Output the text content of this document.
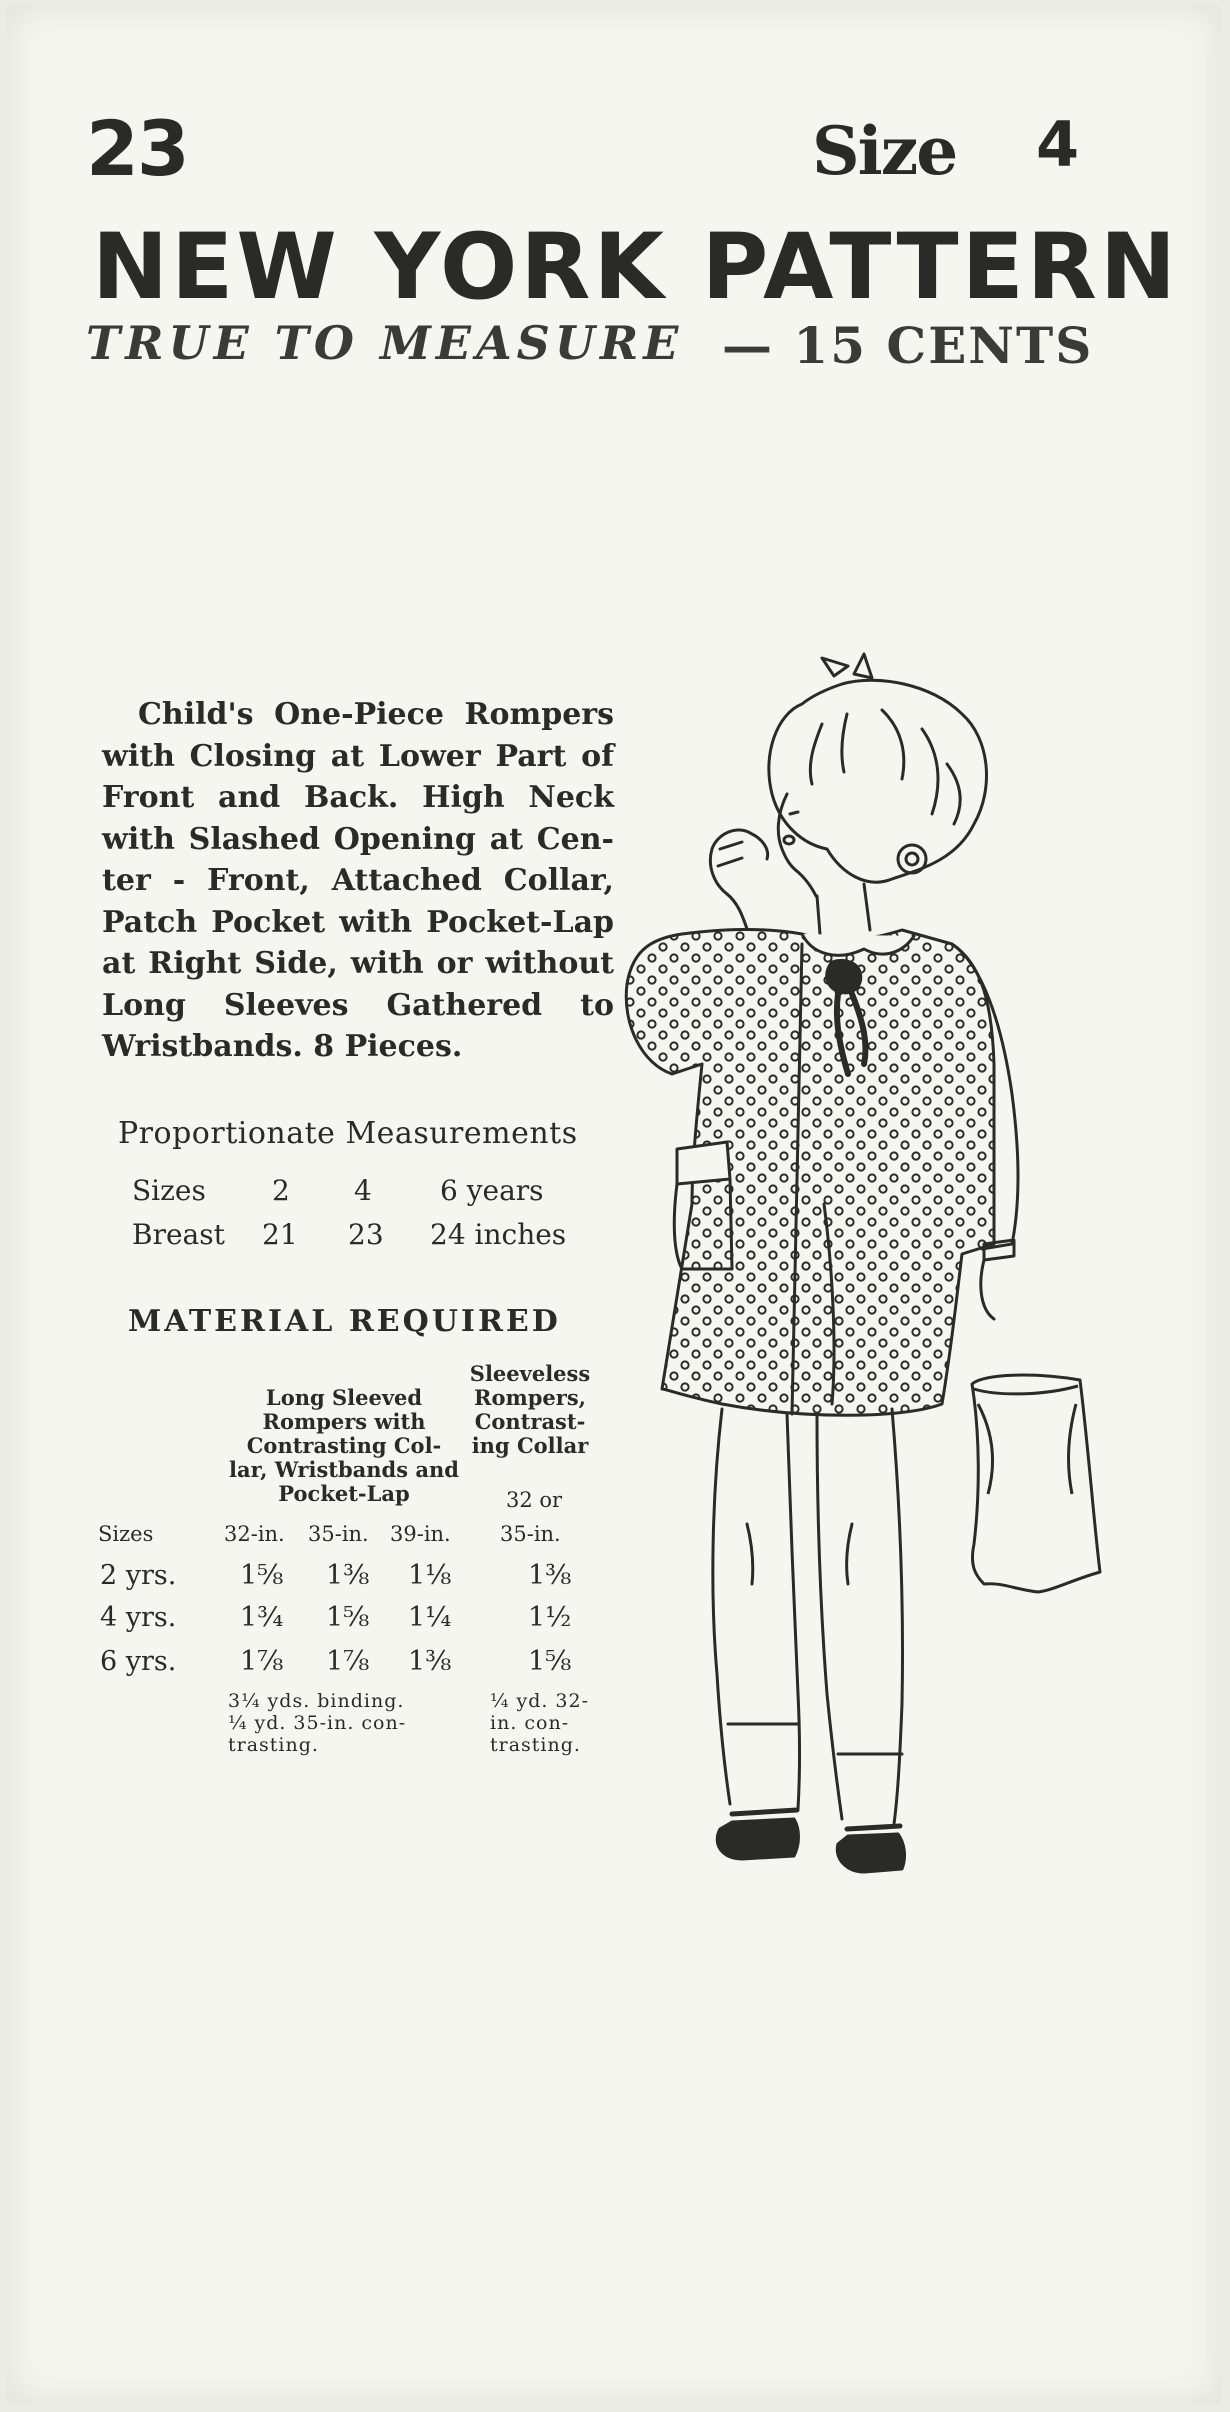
23	Size 4
NEW YORK PATTERN
TRUE TO MEASURE — 15 CENTS
Child's One-Piece Rompers
with Closing at Lower Part of
Front and Back. High Neck
with Slashed Opening at Cen-
ter - Front, Attached Collar,
Patch Pocket with Pocket-Lap
at Right Side, with or without
Long Sleeves Gathered to
Wristbands. 8 Pieces.
Proportionate Measurements
Sizes 2 4 6 years
Breast 21 23 24 inches
MATERIAL REQUIRED
Long Sleeved Rompers with Contrasting Col- lar, Wristbands and Pocket-Lap
Sleeveless Rompers, Contrast- ing Collar
32 or
Sizes	32-in. 35-in. 39-in. 35-in.
2 yrs. 1⅝ 1⅜ 1⅛	1⅜
4 yrs. 1¾ 1⅝ 1¼	1½
6 yrs. 1⅞ 1⅞ 1⅜	1⅝
3¼ yds. binding.
¼ yd. 35-in. con-
trasting.
¼ yd. 32-
in. con-
trasting.
